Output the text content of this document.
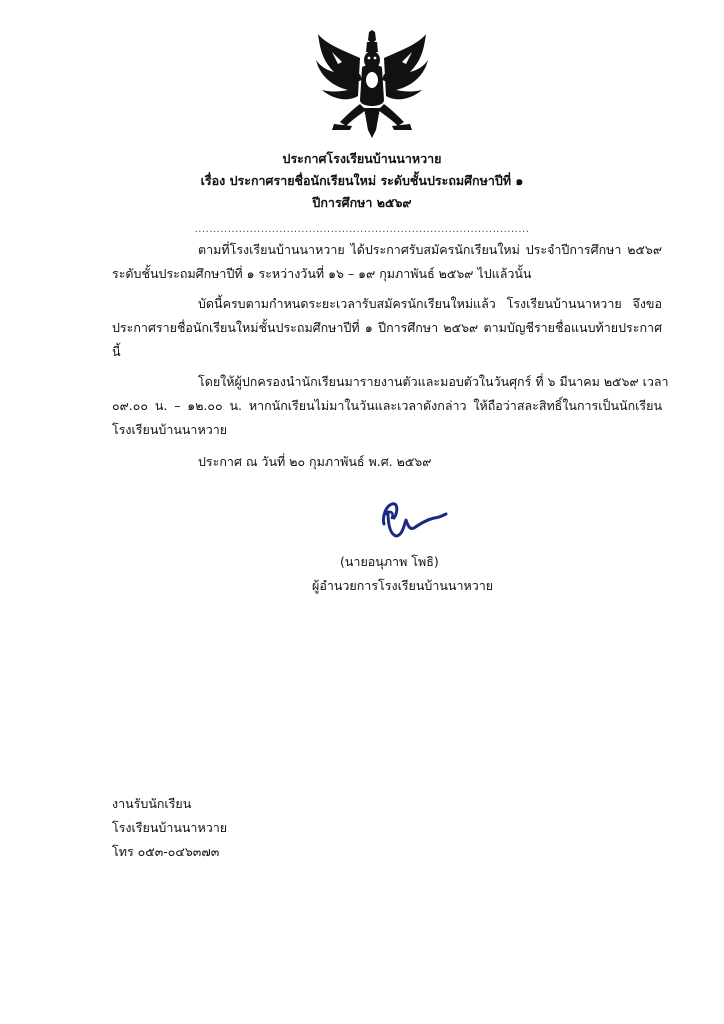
ประกาศโรงเรียนบ้านนาหวาย
เรื่อง ประกาศรายชื่อนักเรียนใหม่ ระดับชั้นประถมศึกษาปีที่ ๑
ปีการศึกษา ๒๕๖๙
...........................................................................................
ตามที่โรงเรียนบ้านนาหวาย ได้ประกาศรับสมัครนักเรียนใหม่ ประจำปีการศึกษา ๒๕๖๙
ระดับชั้นประถมศึกษาปีที่ ๑ ระหว่างวันที่ ๑๖ – ๑๙ กุมภาพันธ์ ๒๕๖๙ ไปแล้วนั้น
บัดนี้ครบตามกำหนดระยะเวลารับสมัครนักเรียนใหม่แล้ว โรงเรียนบ้านนาหวาย จึงขอ
ประกาศรายชื่อนักเรียนใหม่ชั้นประถมศึกษาปีที่ ๑ ปีการศึกษา ๒๕๖๙ ตามบัญชีรายชื่อแนบท้ายประกาศ
นี้
โดยให้ผู้ปกครองนำนักเรียนมารายงานตัวและมอบตัวในวันศุกร์ ที่ ๖ มีนาคม ๒๕๖๙ เวลา
๐๙.๐๐ น. – ๑๒.๐๐ น. หากนักเรียนไม่มาในวันและเวลาดังกล่าว ให้ถือว่าสละสิทธิ์ในการเป็นนักเรียน
โรงเรียนบ้านนาหวาย
ประกาศ ณ วันที่ ๒๐ กุมภาพันธ์ พ.ศ. ๒๕๖๙
(นายอนุภาพ โพธิ)
ผู้อำนวยการโรงเรียนบ้านนาหวาย
งานรับนักเรียน
โรงเรียนบ้านนาหวาย
โทร ๐๕๓-๐๔๖๓๗๓
